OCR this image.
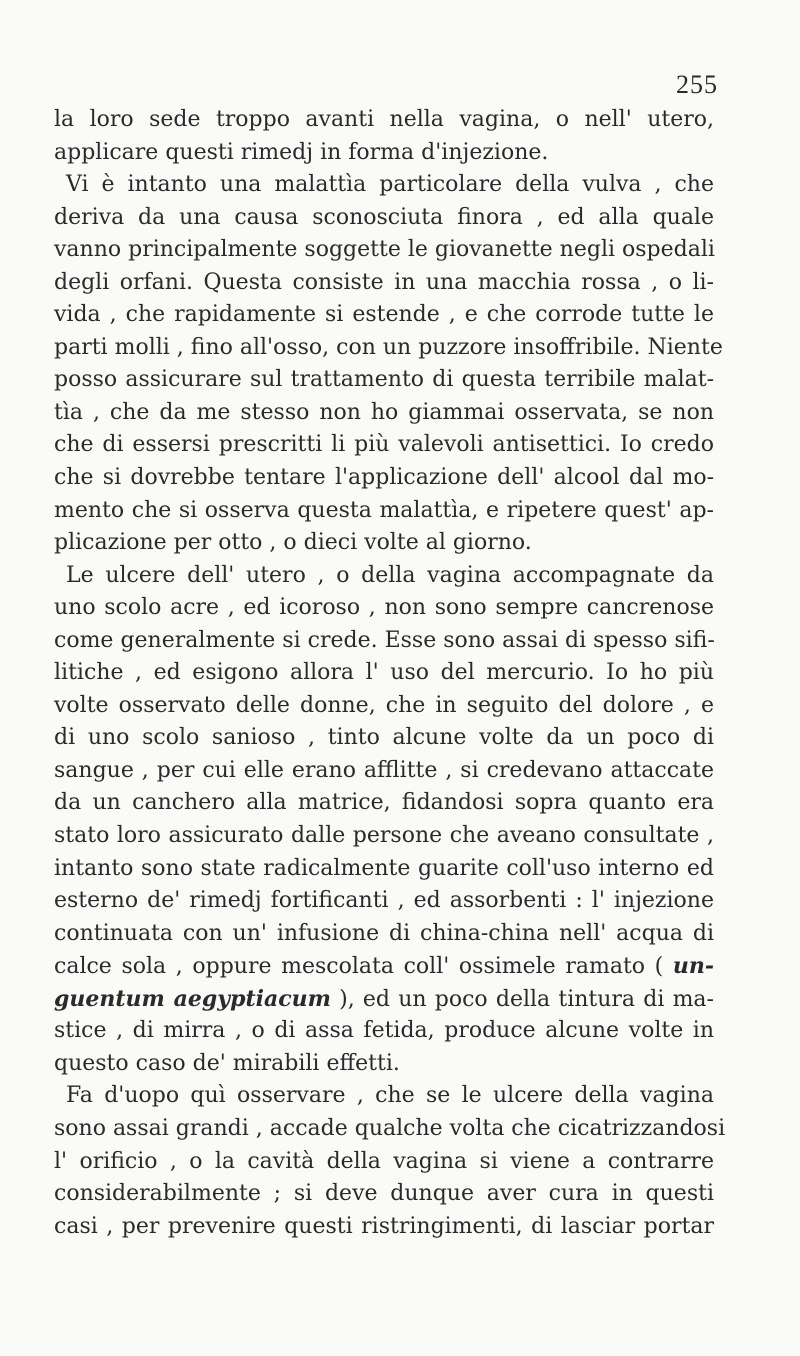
255
la loro sede troppo avanti nella vagina, o nell' utero,
applicare questi rimedj in forma d'injezione.
Vi è intanto una malattìa particolare della vulva , che
deriva da una causa sconosciuta finora , ed alla quale
vanno principalmente soggette le giovanette negli ospedali
degli orfani. Questa consiste in una macchia rossa , o li-
vida , che rapidamente si estende , e che corrode tutte le
parti molli , fino all'osso, con un puzzore insoffribile. Niente
posso assicurare sul trattamento di questa terribile malat-
tìa , che da me stesso non ho giammai osservata, se non
che di essersi prescritti li più valevoli antisettici. Io credo
che si dovrebbe tentare l'applicazione dell' alcool dal mo-
mento che si osserva questa malattìa, e ripetere quest' ap-
plicazione per otto , o dieci volte al giorno.
Le ulcere dell' utero , o della vagina accompagnate da
uno scolo acre , ed icoroso , non sono sempre cancrenose
come generalmente si crede. Esse sono assai di spesso sifi-
litiche , ed esigono allora l' uso del mercurio. Io ho più
volte osservato delle donne, che in seguito del dolore , e
di uno scolo sanioso , tinto alcune volte da un poco di
sangue , per cui elle erano afflitte , si credevano attaccate
da un canchero alla matrice, fidandosi sopra quanto era
stato loro assicurato dalle persone che aveano consultate ,
intanto sono state radicalmente guarite coll'uso interno ed
esterno de' rimedj fortificanti , ed assorbenti : l' injezione
continuata con un' infusione di china-china nell' acqua di
calce sola , oppure mescolata coll' ossimele ramato ( un-
guentum aegyptiacum ), ed un poco della tintura di ma-
stice , di mirra , o di assa fetida, produce alcune volte in
questo caso de' mirabili effetti.
Fa d'uopo quì osservare , che se le ulcere della vagina
sono assai grandi , accade qualche volta che cicatrizzandosi
l' orificio , o la cavità della vagina si viene a contrarre
considerabilmente ; si deve dunque aver cura in questi
casi , per prevenire questi ristringimenti, di lasciar portar
